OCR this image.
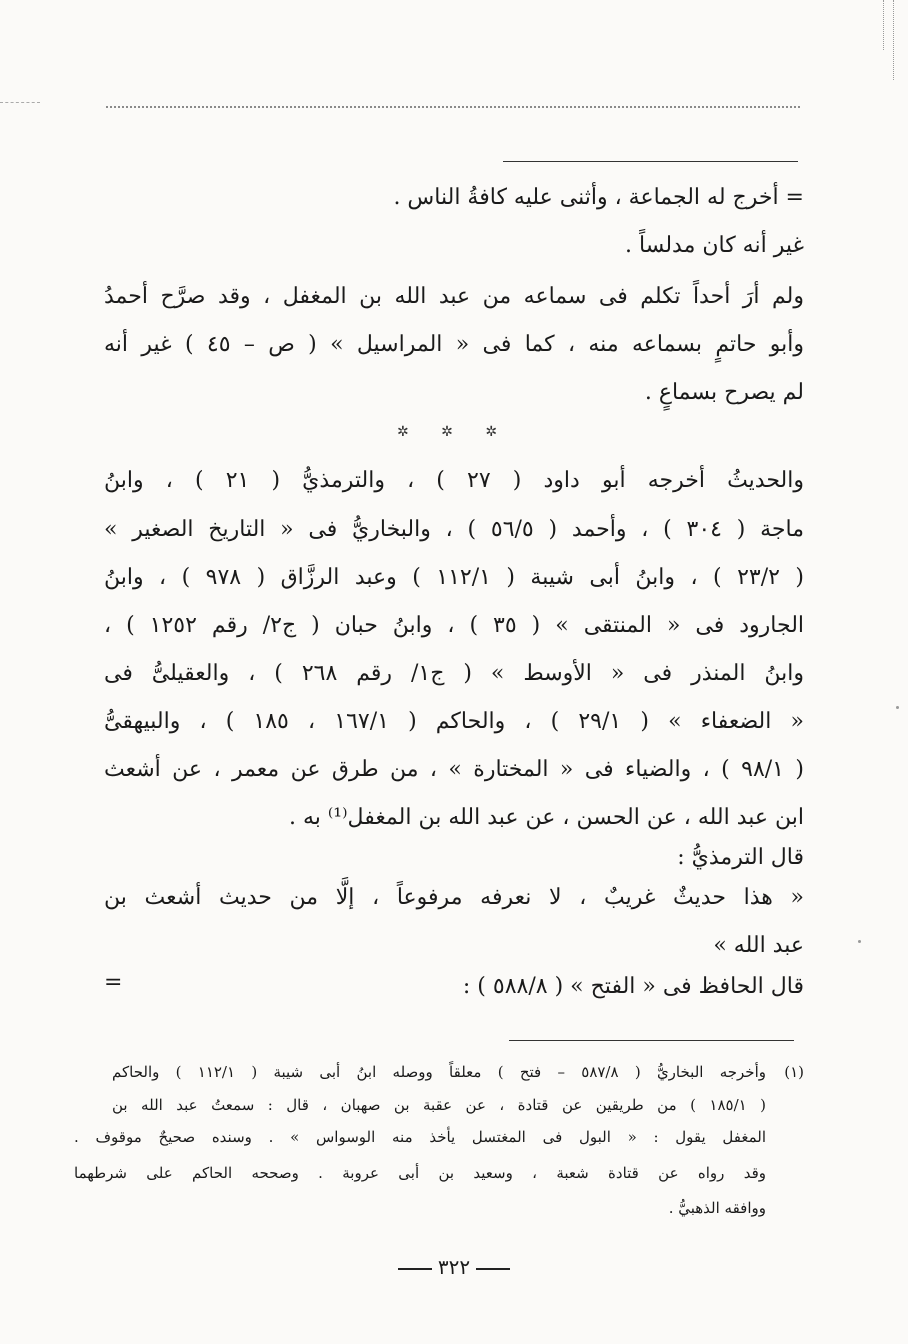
= أخرج له الجماعة ، وأثنى عليه كافةُ الناس .
غير أنه كان مدلساً .
ولم أرَ أحداً تكلم فى سماعه من عبد الله بن المغفل ، وقد صرَّح أحمدُ
وأبو حاتمٍ بسماعه منه ، كما فى « المراسيل » ( ص – ٤٥ ) غير أنه
لم يصرح بسماعٍ .
✲ ✲ ✲
والحديثُ أخرجه أبو داود ( ٢٧ ) ، والترمذيُّ ( ٢١ ) ، وابنُ
ماجة ( ٣٠٤ ) ، وأحمد ( ٥٦/٥ ) ، والبخاريُّ فى « التاريخ الصغير »
( ٢٣/٢ ) ، وابنُ أبى شيبة ( ١١٢/١ ) وعبد الرزَّاق ( ٩٧٨ ) ، وابنُ
الجارود فى « المنتقى » ( ٣٥ ) ، وابنُ حبان ( ج٢/ رقم ١٢٥٢ ) ،
وابنُ المنذر فى « الأوسط » ( ج١/ رقم ٢٦٨ ) ، والعقيلىُّ فى
« الضعفاء » ( ٢٩/١ ) ، والحاكم ( ١٦٧/١ ، ١٨٥ ) ، والبيهقىُّ
( ٩٨/١ ) ، والضياء فى « المختارة » ، من طرق عن معمر ، عن أشعث
ابن عبد الله ، عن الحسن ، عن عبد الله بن المغفل⁽¹⁾ به .
قال الترمذيُّ :
« هذا حديثٌ غريبٌ ، لا نعرفه مرفوعاً ، إلَّا من حديث أشعث بن
عبد الله »
قال الحافظ فى « الفتح » ( ٥٨٨/٨ ) :
=
(١)
وأخرجه البخاريُّ ( ٥٨٧/٨ – فتح ) معلقاً ووصله ابنُ أبى شيبة ( ١١٢/١ ) والحاكم
( ١٨٥/١ ) من طريقين عن قتادة ، عن عقبة بن صهبان ، قال : سمعتُ عبد الله بن
المغفل يقول : « البول فى المغتسل يأخذ منه الوسواس » . وسنده صحيحٌ موقوف .
وقد رواه عن قتادة شعبة ، وسعيد بن أبى عروبة . وصححه الحاكم على شرطهما
ووافقه الذهبيُّ .
٣٢٢
